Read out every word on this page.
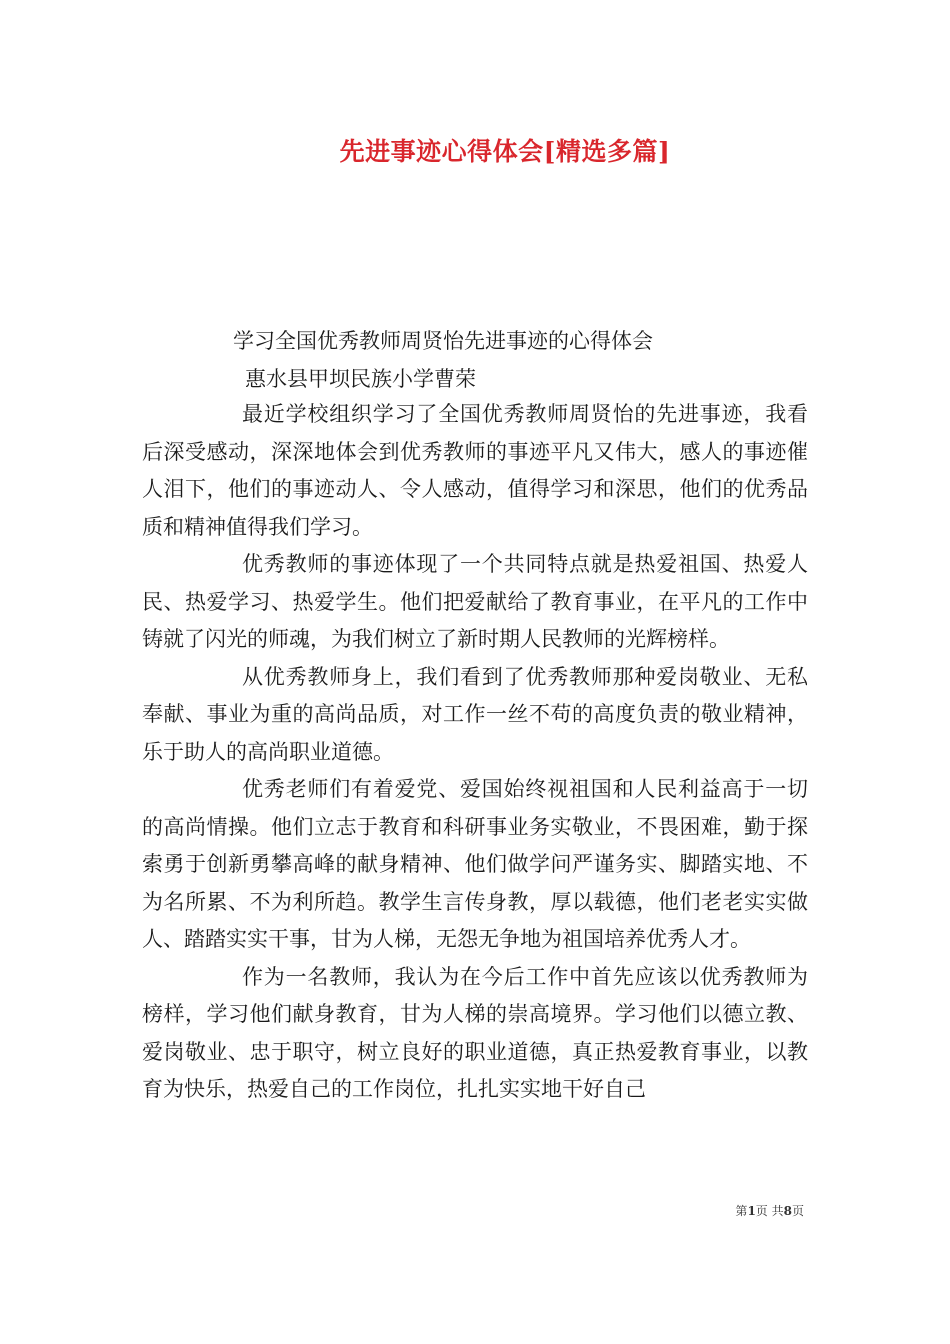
先进事迹心得体会[精选多篇]
学习全国优秀教师周贤怡先进事迹的心得体会
惠水县甲坝民族小学曹荣

最近学校组织学习了全国优秀教师周贤怡的先进事迹，我看后深受感动，深深地体会到优秀教师的事迹平凡又伟大，感人的事迹催人泪下，他们的事迹动人、令人感动，值得学习和深思，他们的优秀品质和精神值得我们学习。

优秀教师的事迹体现了一个共同特点就是热爱祖国、热爱人民、热爱学习、热爱学生。他们把爱献给了教育事业，在平凡的工作中铸就了闪光的师魂，为我们树立了新时期人民教师的光辉榜样。

从优秀教师身上，我们看到了优秀教师那种爱岗敬业、无私奉献、事业为重的高尚品质，对工作一丝不苟的高度负责的敬业精神，乐于助人的高尚职业道德。

优秀老师们有着爱党、爱国始终视祖国和人民利益高于一切的高尚情操。他们立志于教育和科研事业务实敬业，不畏困难，勤于探索勇于创新勇攀高峰的献身精神、他们做学问严谨务实、脚踏实地、不为名所累、不为利所趋。教学生言传身教，厚以载德，他们老老实实做人、踏踏实实干事，甘为人梯，无怨无争地为祖国培养优秀人才。

作为一名教师，我认为在今后工作中首先应该以优秀教师为榜样，学习他们献身教育，甘为人梯的崇高境界。学习他们以德立教、爱岗敬业、忠于职守，树立良好的职业道德，真正热爱教育事业，以教育为快乐，热爱自己的工作岗位，扎扎实实地干好自己

第1页 共8页
